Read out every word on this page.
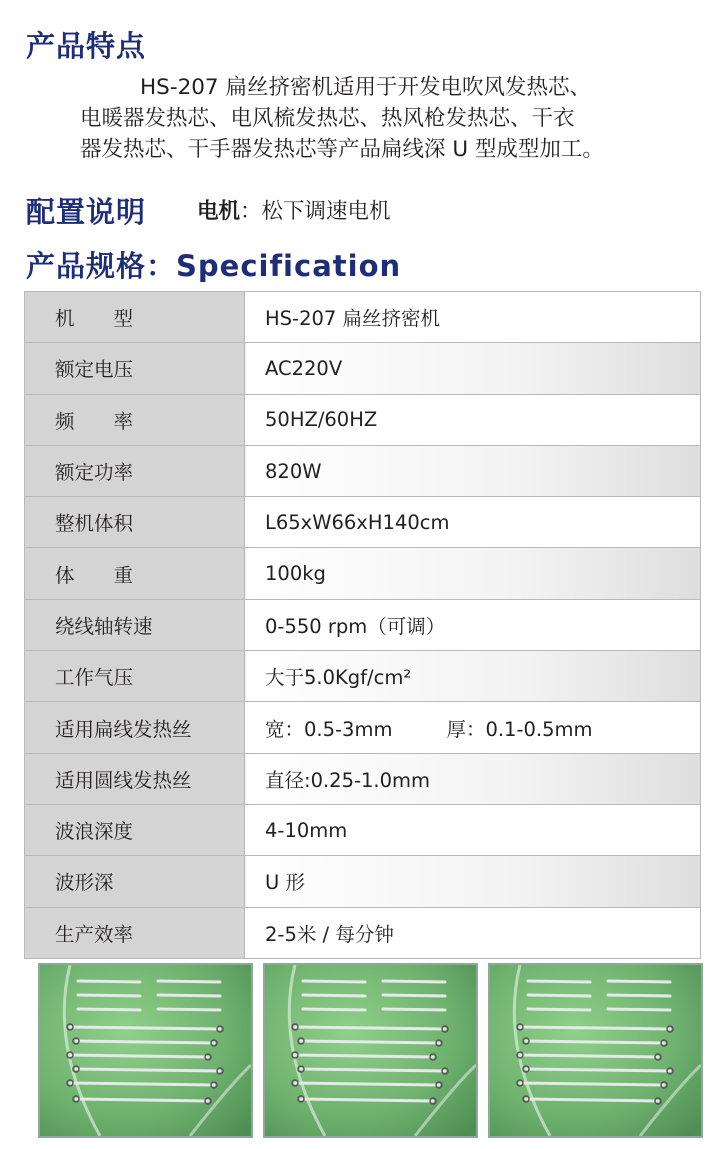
产品特点
HS-207 扁丝挤密机适用于开发电吹风发热芯、
电暖器发热芯、电风梳发热芯、热风枪发热芯、干衣
器发热芯、干手器发热芯等产品扁线深 U 型成型加工。
配置说明 电机：松下调速电机
产品规格：Specification
机　　型	HS-207 扁丝挤密机
额定电压	AC220V
频　　率	50HZ/60HZ
额定功率	820W
整机体积	L65xW66xH140cm
体　　重	100kg
绕线轴转速	0-550 rpm（可调）
工作气压	大于5.0Kgf/cm²
适用扁线发热丝	宽：0.5-3mm 厚：0.1-0.5mm
适用圆线发热丝	直径:0.25-1.0mm
波浪深度	4-10mm
波形深	U 形
生产效率	2-5米 / 每分钟
